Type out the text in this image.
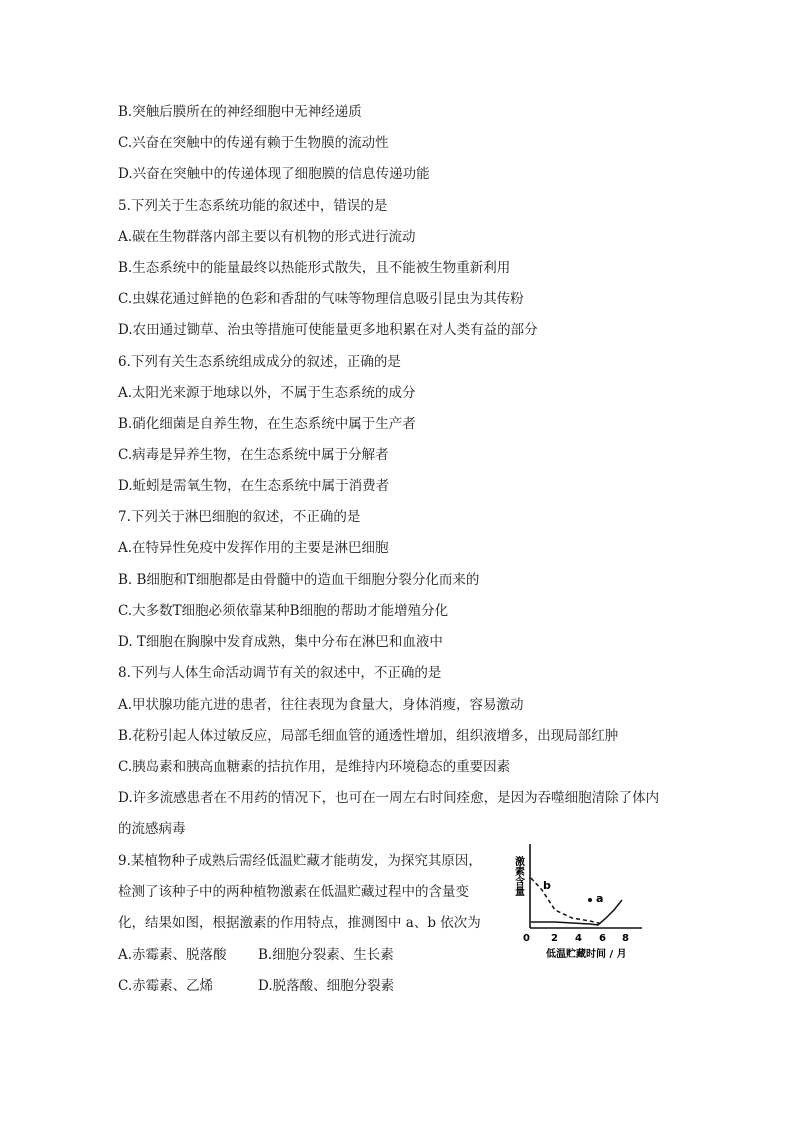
B.突触后膜所在的神经细胞中无神经递质
C.兴奋在突触中的传递有赖于生物膜的流动性
D.兴奋在突触中的传递体现了细胞膜的信息传递功能
5.下列关于生态系统功能的叙述中，错误的是
A.碳在生物群落内部主要以有机物的形式进行流动
B.生态系统中的能量最终以热能形式散失，且不能被生物重新利用
C.虫媒花通过鲜艳的色彩和香甜的气味等物理信息吸引昆虫为其传粉
D.农田通过锄草、治虫等措施可使能量更多地积累在对人类有益的部分
6.下列有关生态系统组成成分的叙述，正确的是
A.太阳光来源于地球以外，不属于生态系统的成分
B.硝化细菌是自养生物，在生态系统中属于生产者
C.病毒是异养生物，在生态系统中属于分解者
D.蚯蚓是需氧生物，在生态系统中属于消费者
7.下列关于淋巴细胞的叙述，不正确的是
A.在特异性免疫中发挥作用的主要是淋巴细胞
B. B细胞和T细胞都是由骨髓中的造血干细胞分裂分化而来的
C.大多数T细胞必须依靠某种B细胞的帮助才能增殖分化
D. T细胞在胸腺中发育成熟，集中分布在淋巴和血液中
8.下列与人体生命活动调节有关的叙述中，不正确的是
A.甲状腺功能亢进的患者，往往表现为食量大，身体消瘦，容易激动
B.花粉引起人体过敏反应，局部毛细血管的通透性增加，组织液增多，出现局部红肿
C.胰岛素和胰高血糖素的拮抗作用，是维持内环境稳态的重要因素
D.许多流感患者在不用药的情况下，也可在一周左右时间痊愈，是因为吞噬细胞清除了体内
的流感病毒
9.某植物种子成熟后需经低温贮藏才能萌发，为探究其原因，
检测了该种子中的两种植物激素在低温贮藏过程中的含量变
化，结果如图，根据激素的作用特点，推测图中 a、b 依次为
A.赤霉素、脱落酸 B.细胞分裂素、生长素
C.赤霉素、乙烯	D.脱落酸、细胞分裂素
激素含量 b
a
0 2 4 6 8
低温贮藏时间 / 月
